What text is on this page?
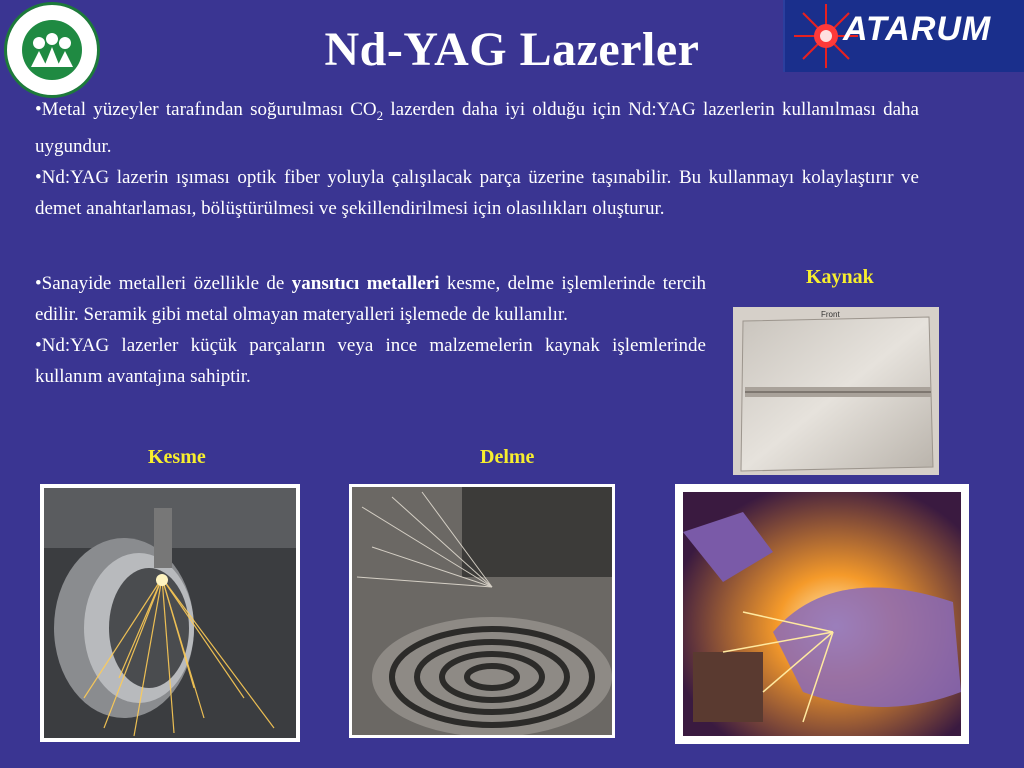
ATARUM
Nd-YAG Lazerler

•Metal yüzeyler tarafından soğurulması $CO_2$ lazerden daha iyi olduğu için Nd:YAG lazerlerin kullanılması daha uygundur.

•Nd:YAG lazerin ışıması optik fiber yoluyla çalışılacak parça üzerine taşınabilir. Bu kullanmayı kolaylaştırır ve demet anahtarlaması, bölüştürülmesi ve şekillendirilmesi için olasılıkları oluşturur.

•Sanayide metalleri özellikle de yansıtıcı metalleri kesme, delme işlemlerinde tercih edilir. Seramik gibi metal olmayan materyalleri işlemede de kullanılır.

•Nd:YAG lazerler küçük parçaların veya ince malzemelerin kaynak işlemlerinde kullanım avantajına sahiptir.

Kaynak
Kesme	Delme
Front
